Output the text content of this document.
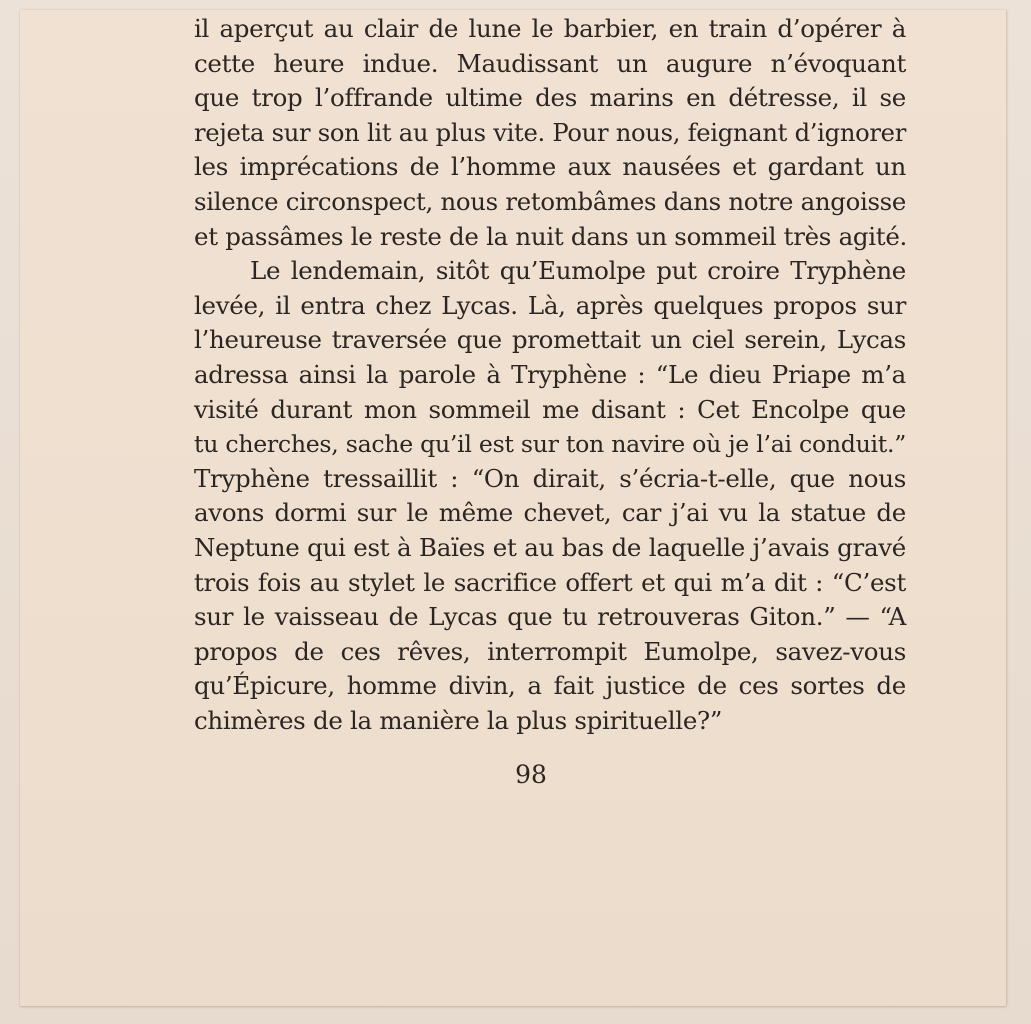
il aperçut au clair de lune le barbier, en train d’opérer à
cette heure indue. Maudissant un augure n’évoquant
que trop l’offrande ultime des marins en détresse, il se
rejeta sur son lit au plus vite. Pour nous, feignant d’ignorer
les imprécations de l’homme aux nausées et gardant un
silence circonspect, nous retombâmes dans notre angoisse
et passâmes le reste de la nuit dans un sommeil très agité.
Le lendemain, sitôt qu’Eumolpe put croire Tryphène
levée, il entra chez Lycas. Là, après quelques propos sur
l’heureuse traversée que promettait un ciel serein, Lycas
adressa ainsi la parole à Tryphène : “Le dieu Priape m’a
visité durant mon sommeil me disant : Cet Encolpe que
tu cherches, sache qu’il est sur ton navire où je l’ai conduit.”
Tryphène tressaillit : “On dirait, s’écria-t-elle, que nous
avons dormi sur le même chevet, car j’ai vu la statue de
Neptune qui est à Baïes et au bas de laquelle j’avais gravé
trois fois au stylet le sacrifice offert et qui m’a dit : “C’est
sur le vaisseau de Lycas que tu retrouveras Giton.” — “A
propos de ces rêves, interrompit Eumolpe, savez-vous
qu’Épicure, homme divin, a fait justice de ces sortes de
chimères de la manière la plus spirituelle?”
98
